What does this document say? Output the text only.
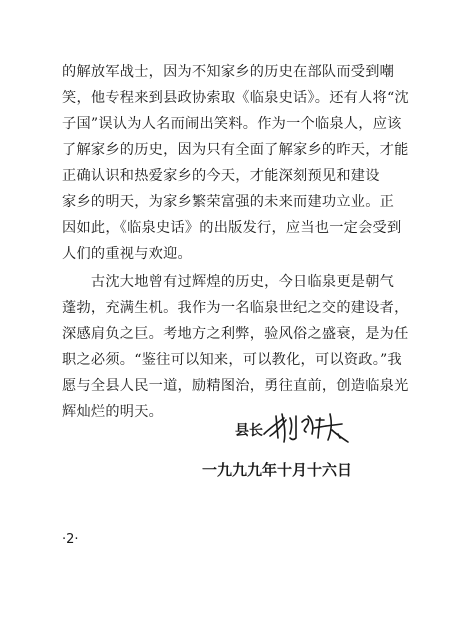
的解放军战士，因为不知家乡的历史在部队而受到嘲
笑，他专程来到县政协索取《临泉史话》。还有人将“沈
子国”误认为人名而闹出笑料。作为一个临泉人，应该
了解家乡的历史，因为只有全面了解家乡的昨天，才能
正确认识和热爱家乡的今天，才能深刻预见和建设
家乡的明天，为家乡繁荣富强的未来而建功立业。正
因如此，《临泉史话》的出版发行，应当也一定会受到
人们的重视与欢迎。
　　古沈大地曾有过辉煌的历史，今日临泉更是朝气
蓬勃，充满生机。我作为一名临泉世纪之交的建设者，
深感肩负之巨。考地方之利弊，验风俗之盛衰，是为任
职之必须。“鉴往可以知来，可以教化，可以资政。”我
愿与全县人民一道，励精图治，勇往直前，创造临泉光
辉灿烂的明天。
县长
一九九九年十月十六日
·2·
